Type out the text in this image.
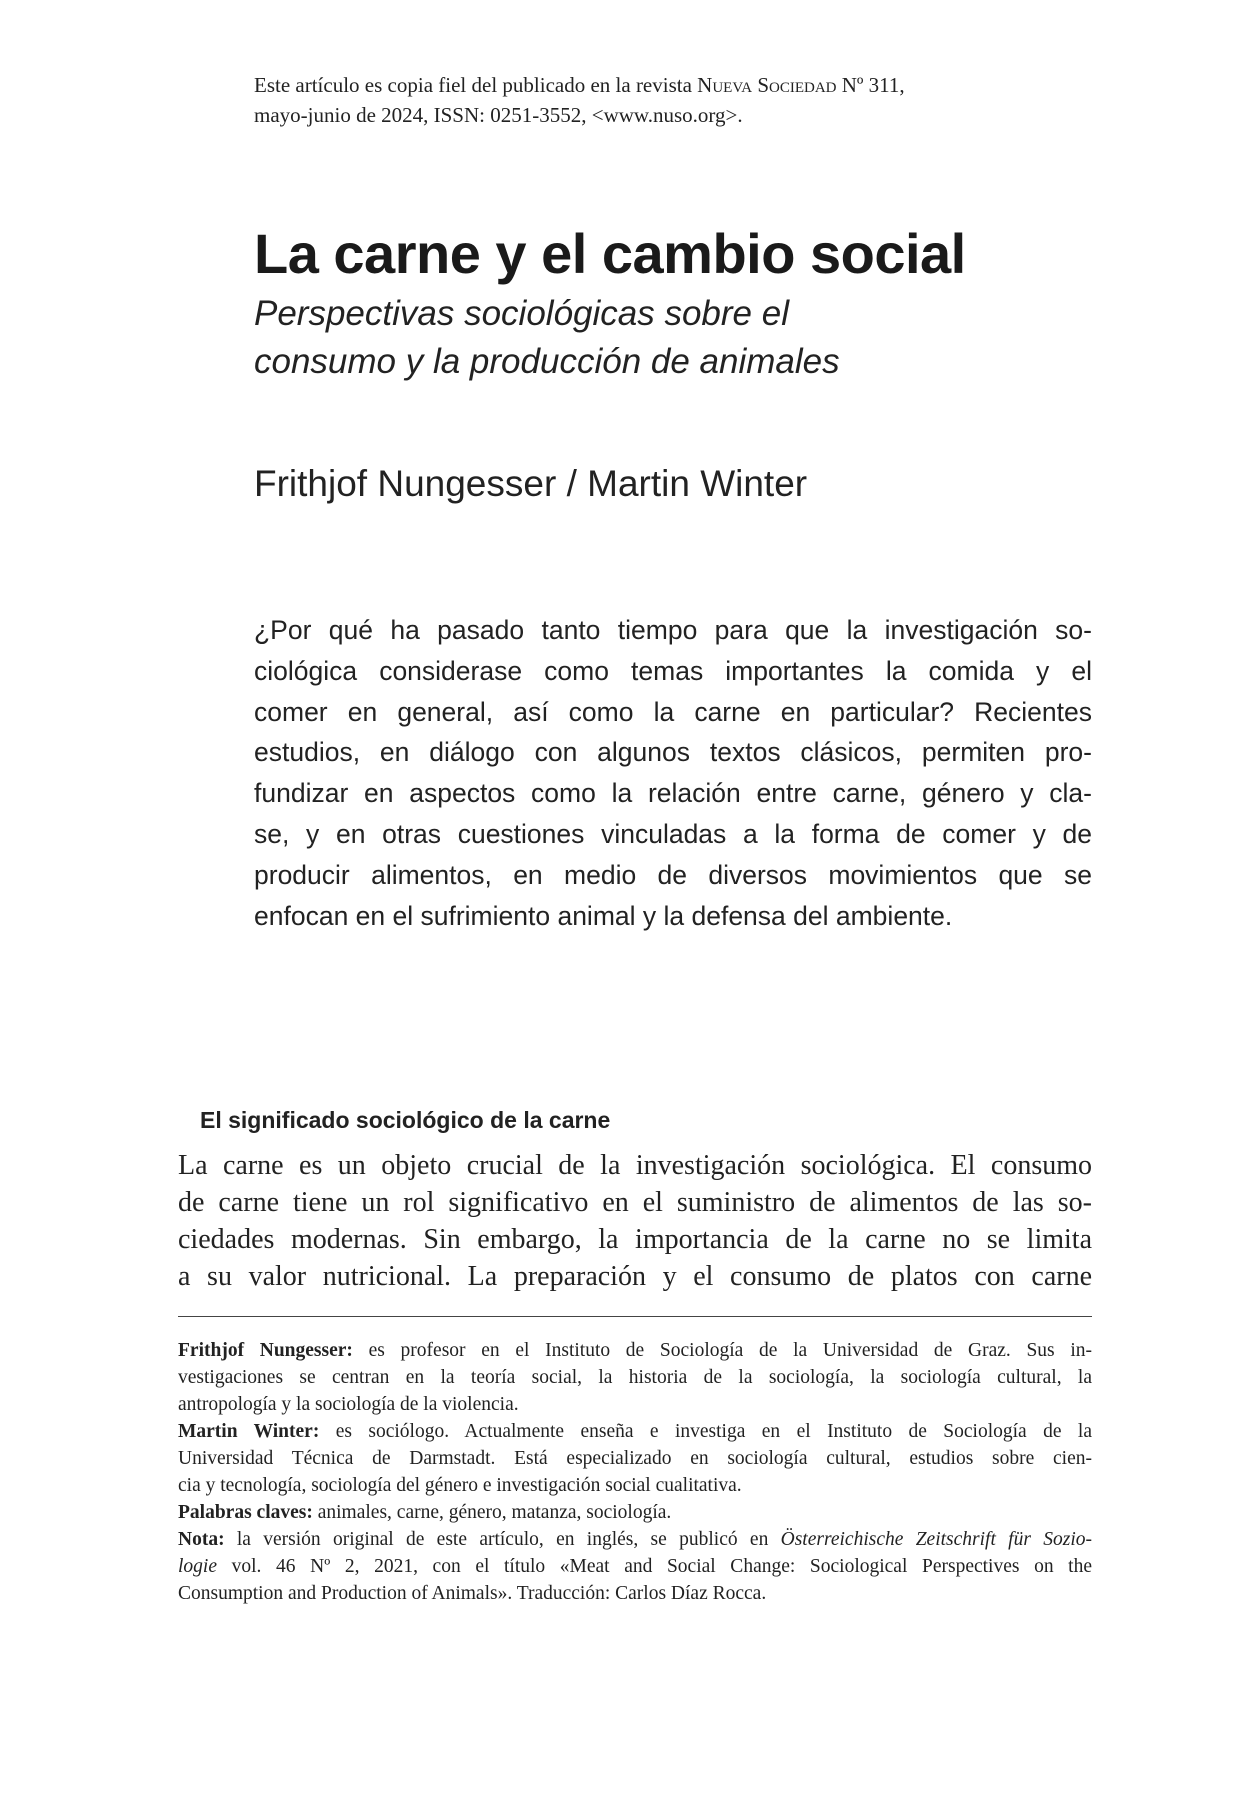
Este artículo es copia fiel del publicado en la revista Nueva Sociedad Nº 311,
mayo-junio de 2024, ISSN: 0251-3552, <www.nuso.org>.
La carne y el cambio social
Perspectivas sociológicas sobre el
consumo y la producción de animales
Frithjof Nungesser / Martin Winter
¿Por qué ha pasado tanto tiempo para que la investigación so-
ciológica considerase como temas importantes la comida y el
comer en general, así como la carne en particular? Recientes
estudios, en diálogo con algunos textos clásicos, permiten pro-
fundizar en aspectos como la relación entre carne, género y cla-
se, y en otras cuestiones vinculadas a la forma de comer y de
producir alimentos, en medio de diversos movimientos que se
enfocan en el sufrimiento animal y la defensa del ambiente.
El significado sociológico de la carne
La carne es un objeto crucial de la investigación sociológica. El consumo
de carne tiene un rol significativo en el suministro de alimentos de las so-
ciedades modernas. Sin embargo, la importancia de la carne no se limita
a su valor nutricional. La preparación y el consumo de platos con carne
Frithjof Nungesser: es profesor en el Instituto de Sociología de la Universidad de Graz. Sus in-
vestigaciones se centran en la teoría social, la historia de la sociología, la sociología cultural, la
antropología y la sociología de la violencia.
Martin Winter: es sociólogo. Actualmente enseña e investiga en el Instituto de Sociología de la
Universidad Técnica de Darmstadt. Está especializado en sociología cultural, estudios sobre cien-
cia y tecnología, sociología del género e investigación social cualitativa.
Palabras claves: animales, carne, género, matanza, sociología.
Nota: la versión original de este artículo, en inglés, se publicó en Österreichische Zeitschrift für Sozio-
logie vol. 46 Nº 2, 2021, con el título «Meat and Social Change: Sociological Perspectives on the
Consumption and Production of Animals». Traducción: Carlos Díaz Rocca.
